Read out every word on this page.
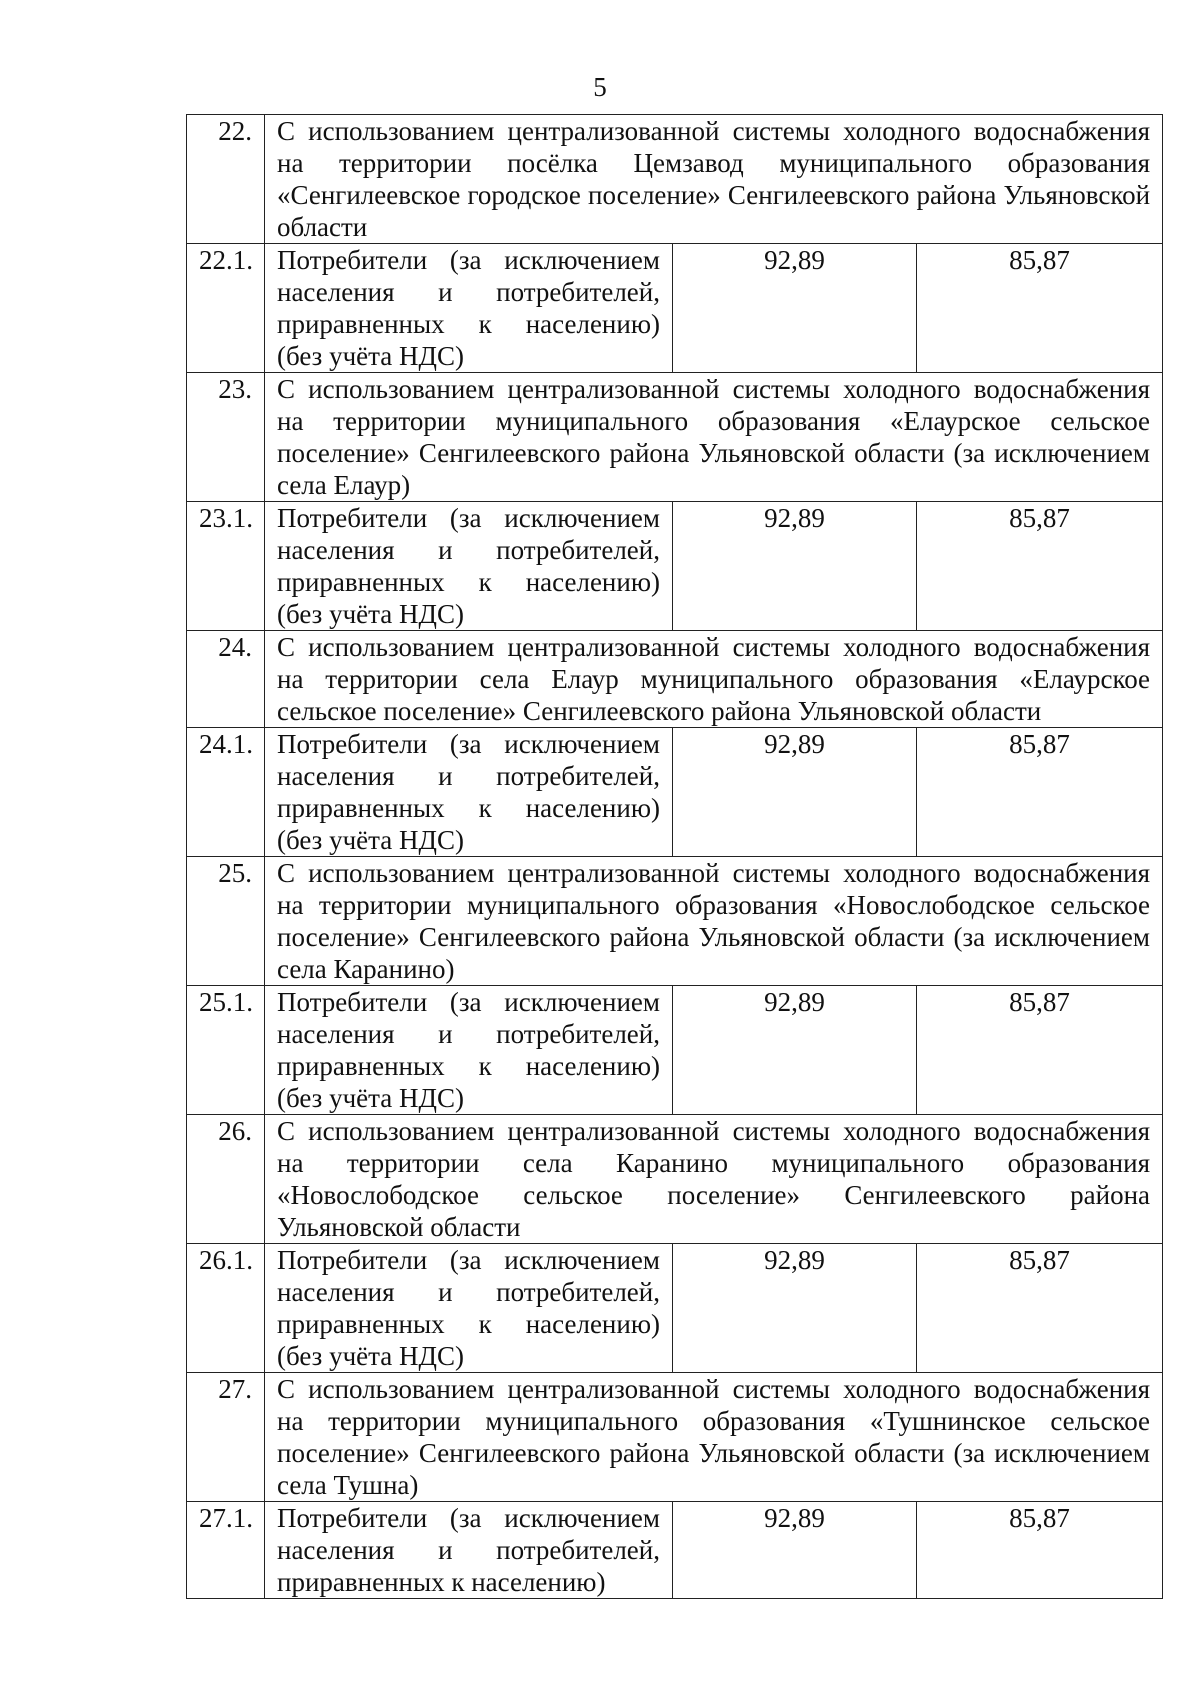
5
22.	С использованием централизованной системы холодного водоснабжения на территории посёлка Цемзавод муниципального образования «Сенгилеевское городское поселение» Сенгилеевского района Ульяновской области		
22.1.	Потребители (за исключением
населения и потребителей,
приравненных к населению)
(без учёта НДС)	92,89	85,87
23.	С использованием централизованной системы холодного водоснабжения на территории муниципального образования «Елаурское сельское поселение» Сенгилеевского района Ульяновской области (за исключением села Елаур)		
23.1.	Потребители (за исключением
населения и потребителей,
приравненных к населению)
(без учёта НДС)	92,89	85,87
24.	С использованием централизованной системы холодного водоснабжения на территории села Елаур муниципального образования «Елаурское сельское поселение» Сенгилеевского района Ульяновской области		
24.1.	Потребители (за исключением
населения и потребителей,
приравненных к населению)
(без учёта НДС)	92,89	85,87
25.	С использованием централизованной системы холодного водоснабжения на территории муниципального образования «Новослободское сельское поселение» Сенгилеевского района Ульяновской области (за исключением села Каранино)		
25.1.	Потребители (за исключением
населения и потребителей,
приравненных к населению)
(без учёта НДС)	92,89	85,87
26.	С использованием централизованной системы холодного водоснабжения на территории села Каранино муниципального образования «Новослободское сельское поселение» Сенгилеевского района Ульяновской области		
26.1.	Потребители (за исключением
населения и потребителей,
приравненных к населению)
(без учёта НДС)	92,89	85,87
27.	С использованием централизованной системы холодного водоснабжения на территории муниципального образования «Тушнинское сельское поселение» Сенгилеевского района Ульяновской области (за исключением села Тушна)		
27.1.	Потребители (за исключением
населения и потребителей,
приравненных к населению)	92,89	85,87
